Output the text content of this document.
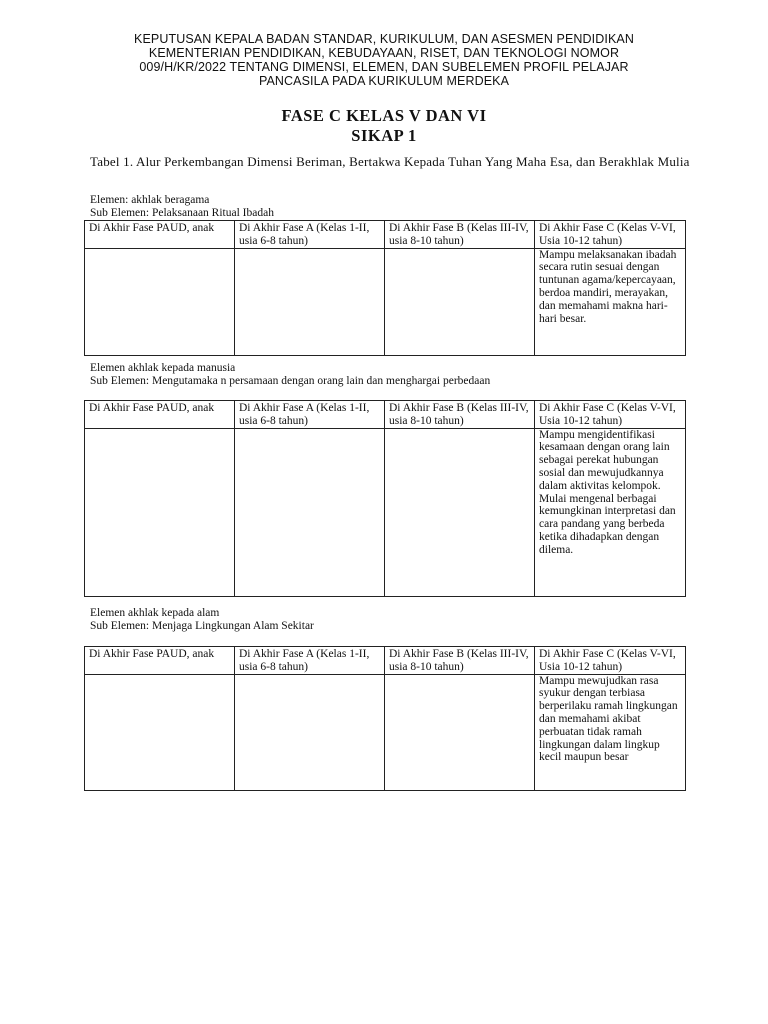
KEPUTUSAN KEPALA BADAN STANDAR, KURIKULUM, DAN ASESMEN PENDIDIKAN
KEMENTERIAN PENDIDIKAN, KEBUDAYAAN, RISET, DAN TEKNOLOGI NOMOR
009/H/KR/2022 TENTANG DIMENSI, ELEMEN, DAN SUBELEMEN PROFIL PELAJAR
PANCASILA PADA KURIKULUM MERDEKA
FASE C KELAS V DAN VI
SIKAP 1
Tabel 1. Alur Perkembangan Dimensi Beriman, Bertakwa Kepada Tuhan Yang Maha Esa, dan Berakhlak Mulia
Elemen: akhlak beragama
Sub Elemen: Pelaksanaan Ritual Ibadah
Di Akhir Fase PAUD, anak	Di Akhir Fase A (Kelas 1-II, usia 6-8 tahun)	Di Akhir Fase B (Kelas III-IV, usia 8-10 tahun)	Di Akhir Fase C (Kelas V-VI, Usia 10-12 tahun)
			Mampu melaksanakan ibadah secara rutin sesuai dengan tuntunan agama/kepercayaan, berdoa mandiri, merayakan, dan memahami makna hari-hari besar.
Elemen akhlak kepada manusia
Sub Elemen: Mengutamaka n persamaan dengan orang lain dan menghargai perbedaan
Di Akhir Fase PAUD, anak	Di Akhir Fase A (Kelas 1-II, usia 6-8 tahun)	Di Akhir Fase B (Kelas III-IV, usia 8-10 tahun)	Di Akhir Fase C (Kelas V-VI, Usia 10-12 tahun)
			Mampu mengidentifikasi kesamaan dengan orang lain sebagai perekat hubungan sosial dan mewujudkannya dalam aktivitas kelompok. Mulai mengenal berbagai kemungkinan interpretasi dan cara pandang yang berbeda ketika dihadapkan dengan dilema.
Elemen akhlak kepada alam
Sub Elemen: Menjaga Lingkungan Alam Sekitar
Di Akhir Fase PAUD, anak	Di Akhir Fase A (Kelas 1-II, usia 6-8 tahun)	Di Akhir Fase B (Kelas III-IV, usia 8-10 tahun)	Di Akhir Fase C (Kelas V-VI, Usia 10-12 tahun)
			Mampu mewujudkan rasa syukur dengan terbiasa berperilaku ramah lingkungan dan memahami akibat perbuatan tidak ramah lingkungan dalam lingkup kecil maupun besar
